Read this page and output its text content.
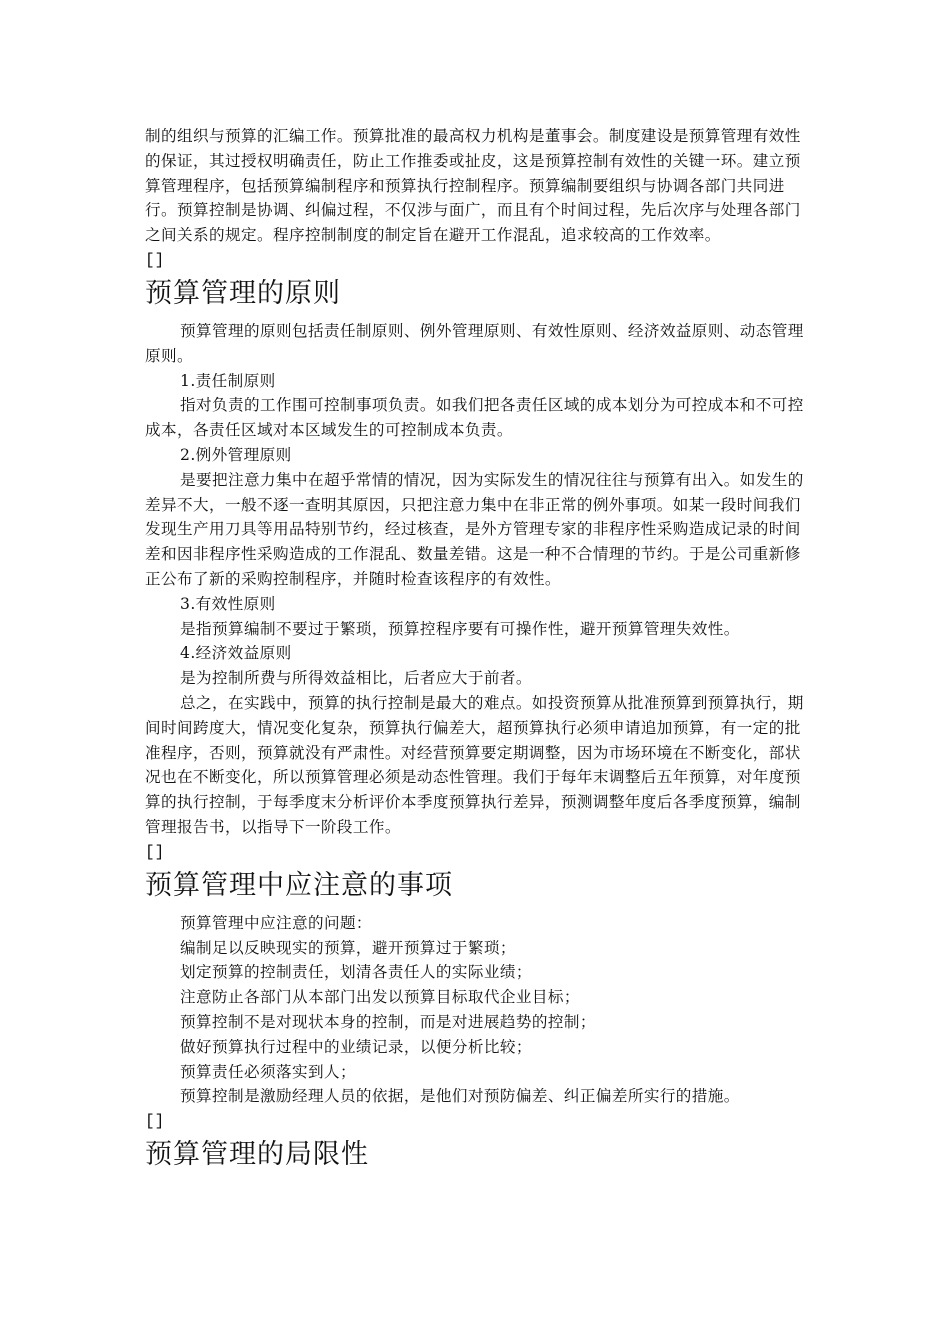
制的组织与预算的汇编工作。预算批准的最高权力机构是董事会。制度建设是预算管理有效性的保证，其过授权明确责任，防止工作推委或扯皮，这是预算控制有效性的关键一环。建立预算管理程序，包括预算编制程序和预算执行控制程序。预算编制要组织与协调各部门共同进行。预算控制是协调、纠偏过程，不仅涉与面广，而且有个时间过程，先后次序与处理各部门之间关系的规定。程序控制制度的制定旨在避开工作混乱，追求较高的工作效率。

[]

预算管理的原则

预算管理的原则包括责任制原则、例外管理原则、有效性原则、经济效益原则、动态管理原则。

1.责任制原则

指对负责的工作围可控制事项负责。如我们把各责任区域的成本划分为可控成本和不可控成本，各责任区域对本区域发生的可控制成本负责。

2.例外管理原则

是要把注意力集中在超乎常情的情况，因为实际发生的情况往往与预算有出入。如发生的差异不大，一般不逐一查明其原因，只把注意力集中在非正常的例外事项。如某一段时间我们发现生产用刀具等用品特别节约，经过核查，是外方管理专家的非程序性采购造成记录的时间差和因非程序性采购造成的工作混乱、数量差错。这是一种不合情理的节约。于是公司重新修正公布了新的采购控制程序，并随时检查该程序的有效性。

3.有效性原则

是指预算编制不要过于繁琐，预算控程序要有可操作性，避开预算管理失效性。

4.经济效益原则

是为控制所费与所得效益相比，后者应大于前者。

总之，在实践中，预算的执行控制是最大的难点。如投资预算从批准预算到预算执行，期间时间跨度大，情况变化复杂，预算执行偏差大，超预算执行必须申请追加预算，有一定的批准程序，否则，预算就没有严肃性。对经营预算要定期调整，因为市场环境在不断变化，部状况也在不断变化，所以预算管理必须是动态性管理。我们于每年末调整后五年预算，对年度预算的执行控制，于每季度末分析评价本季度预算执行差异，预测调整年度后各季度预算，编制管理报告书，以指导下一阶段工作。

[]

预算管理中应注意的事项

预算管理中应注意的问题：

编制足以反映现实的预算，避开预算过于繁琐；

划定预算的控制责任，划清各责任人的实际业绩；

注意防止各部门从本部门出发以预算目标取代企业目标；

预算控制不是对现状本身的控制，而是对进展趋势的控制；

做好预算执行过程中的业绩记录，以便分析比较；

预算责任必须落实到人；

预算控制是激励经理人员的依据，是他们对预防偏差、纠正偏差所实行的措施。

[]

预算管理的局限性
